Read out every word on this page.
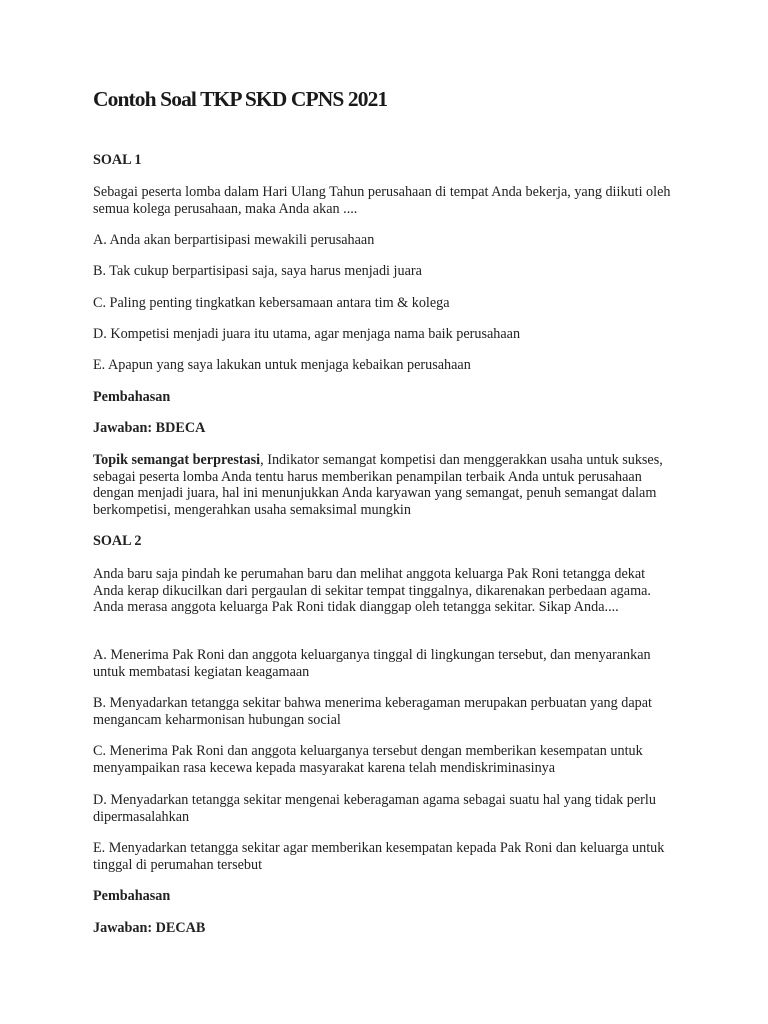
Contoh Soal TKP SKD CPNS 2021

SOAL 1

Sebagai peserta lomba dalam Hari Ulang Tahun perusahaan di tempat Anda bekerja, yang diikuti oleh semua kolega perusahaan, maka Anda akan ....

A. Anda akan berpartisipasi mewakili perusahaan

B. Tak cukup berpartisipasi saja, saya harus menjadi juara

C. Paling penting tingkatkan kebersamaan antara tim & kolega

D. Kompetisi menjadi juara itu utama, agar menjaga nama baik perusahaan

E. Apapun yang saya lakukan untuk menjaga kebaikan perusahaan

Pembahasan

Jawaban: BDECA

Topik semangat berprestasi, Indikator semangat kompetisi dan menggerakkan usaha untuk sukses, sebagai peserta lomba Anda tentu harus memberikan penampilan terbaik Anda untuk perusahaan dengan menjadi juara, hal ini menunjukkan Anda karyawan yang semangat, penuh semangat dalam berkompetisi, mengerahkan usaha semaksimal mungkin

SOAL 2

Anda baru saja pindah ke perumahan baru dan melihat anggota keluarga Pak Roni tetangga dekat Anda kerap dikucilkan dari pergaulan di sekitar tempat tinggalnya, dikarenakan perbedaan agama. Anda merasa anggota keluarga Pak Roni tidak dianggap oleh tetangga sekitar. Sikap Anda....

A. Menerima Pak Roni dan anggota keluarganya tinggal di lingkungan tersebut, dan menyarankan untuk membatasi kegiatan keagamaan

B. Menyadarkan tetangga sekitar bahwa menerima keberagaman merupakan perbuatan yang dapat mengancam keharmonisan hubungan social

C. Menerima Pak Roni dan anggota keluarganya tersebut dengan memberikan kesempatan untuk menyampaikan rasa kecewa kepada masyarakat karena telah mendiskriminasinya

D. Menyadarkan tetangga sekitar mengenai keberagaman agama sebagai suatu hal yang tidak perlu dipermasalahkan

E. Menyadarkan tetangga sekitar agar memberikan kesempatan kepada Pak Roni dan keluarga untuk tinggal di perumahan tersebut

Pembahasan

Jawaban: DECAB
